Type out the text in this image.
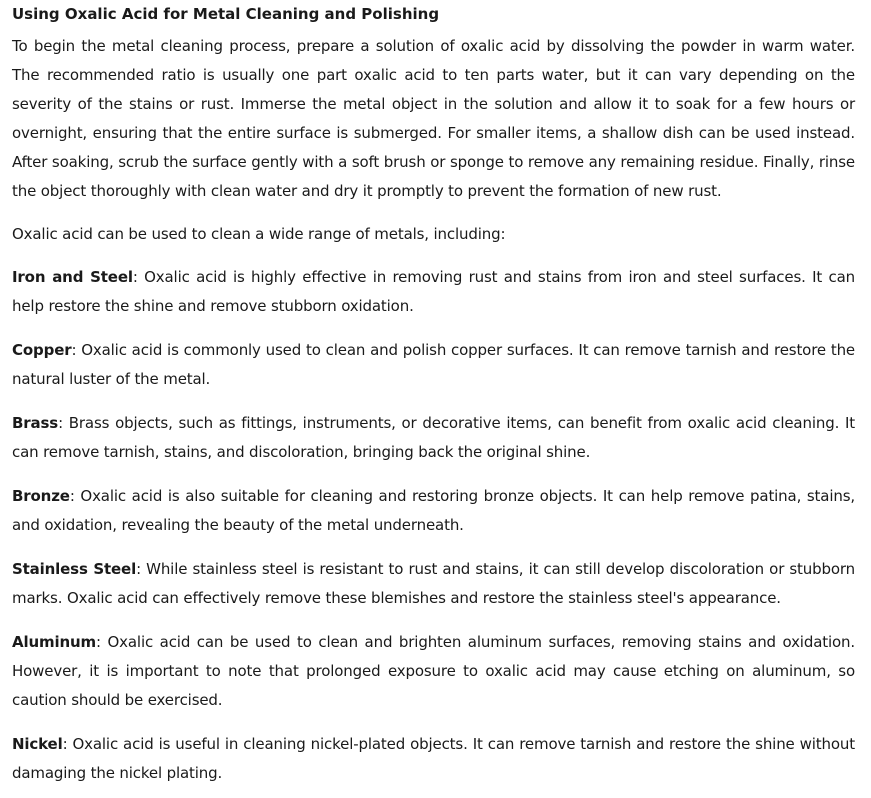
Using Oxalic Acid for Metal Cleaning and Polishing

To begin the metal cleaning process, prepare a solution of oxalic acid by dissolving the powder in warm water. The recommended ratio is usually one part oxalic acid to ten parts water, but it can vary depending on the severity of the stains or rust. Immerse the metal object in the solution and allow it to soak for a few hours or overnight, ensuring that the entire surface is submerged. For smaller items, a shallow dish can be used instead. After soaking, scrub the surface gently with a soft brush or sponge to remove any remaining residue. Finally, rinse the object thoroughly with clean water and dry it promptly to prevent the formation of new rust.

Oxalic acid can be used to clean a wide range of metals, including:

Iron and Steel: Oxalic acid is highly effective in removing rust and stains from iron and steel surfaces. It can help restore the shine and remove stubborn oxidation.

Copper: Oxalic acid is commonly used to clean and polish copper surfaces. It can remove tarnish and restore the natural luster of the metal.

Brass: Brass objects, such as fittings, instruments, or decorative items, can benefit from oxalic acid cleaning. It can remove tarnish, stains, and discoloration, bringing back the original shine.

Bronze: Oxalic acid is also suitable for cleaning and restoring bronze objects. It can help remove patina, stains, and oxidation, revealing the beauty of the metal underneath.

Stainless Steel: While stainless steel is resistant to rust and stains, it can still develop discoloration or stubborn marks. Oxalic acid can effectively remove these blemishes and restore the stainless steel's appearance.

Aluminum: Oxalic acid can be used to clean and brighten aluminum surfaces, removing stains and oxidation. However, it is important to note that prolonged exposure to oxalic acid may cause etching on aluminum, so caution should be exercised.

Nickel: Oxalic acid is useful in cleaning nickel-plated objects. It can remove tarnish and restore the shine without damaging the nickel plating.
